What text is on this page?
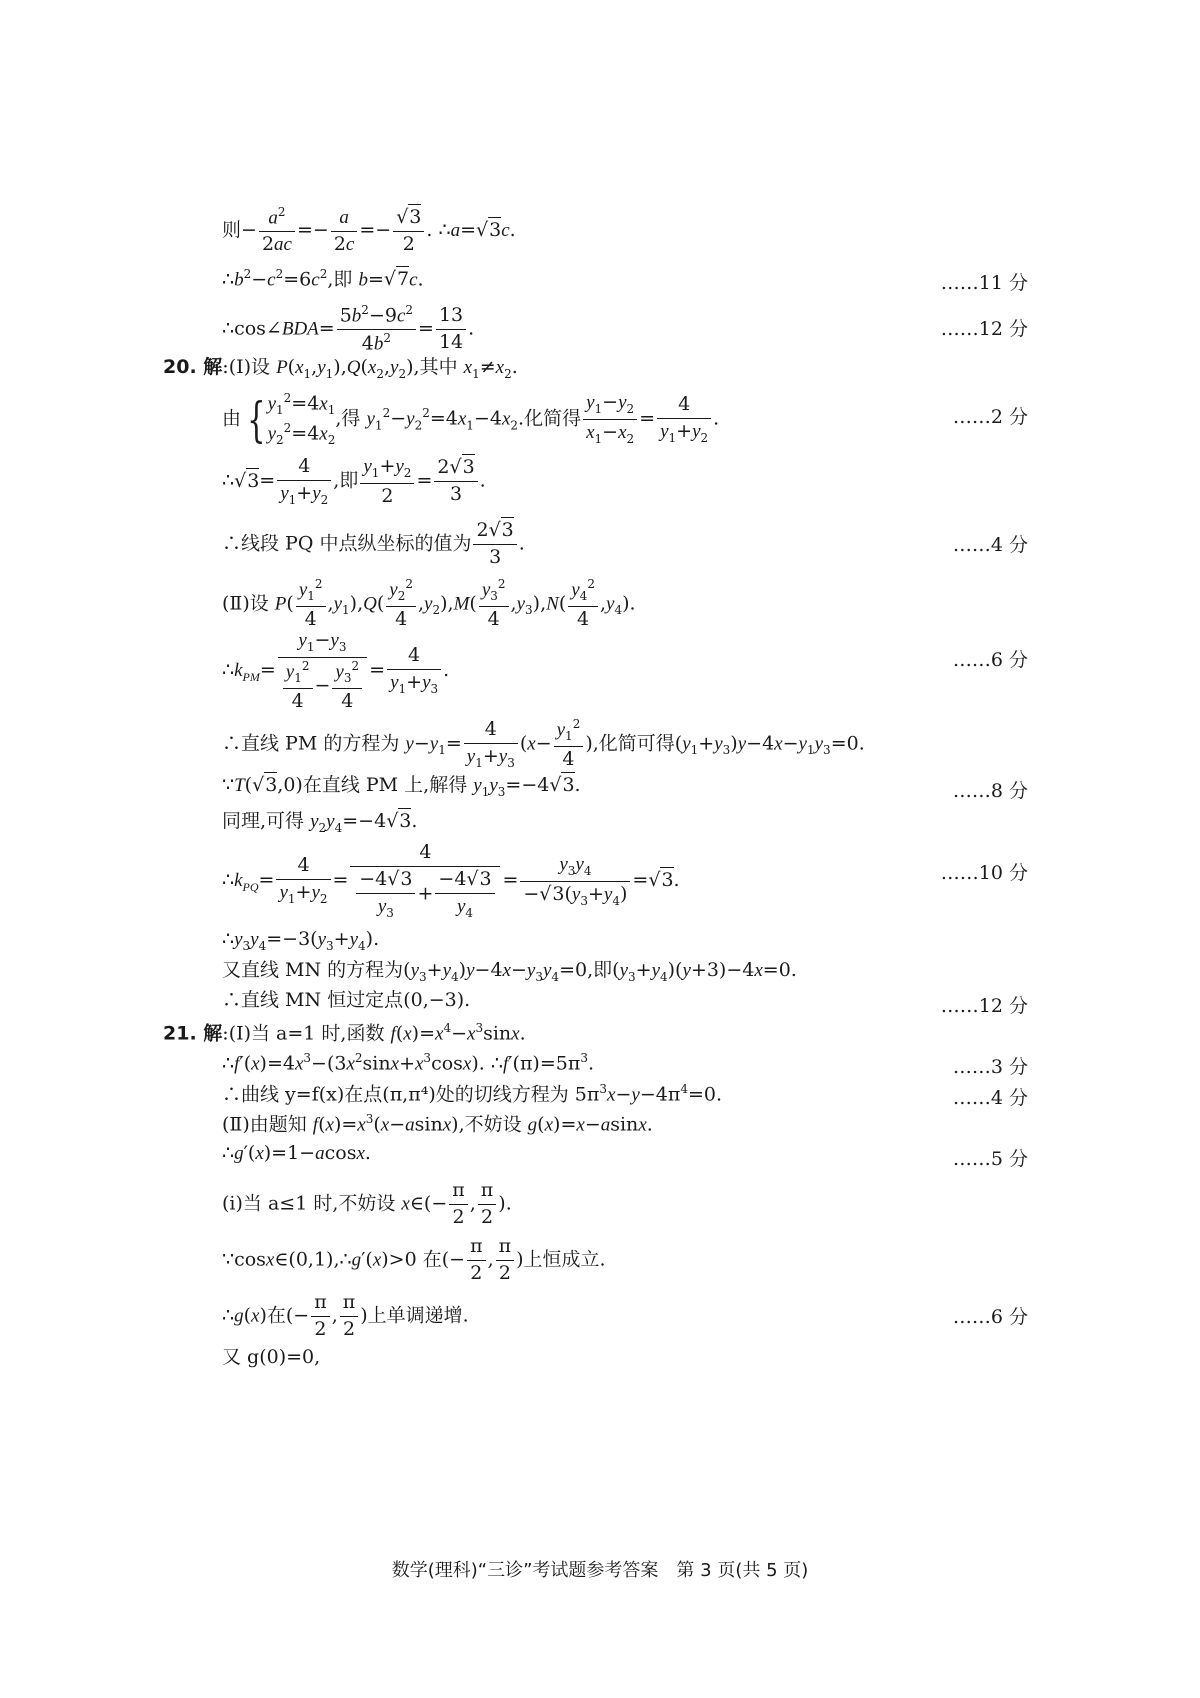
则− $\frac{a^2}{2ac} =- \frac{a}{2c} =- \frac{√3}{2}$ . ∴a=√3c.
$\therefore b^2-c^2=6c^2$,即 b=√7c.	……11 分
∴cos∠BDA= $\frac{5b^2-9c^2}{4b^2} = \frac{13}{14}$ .	……12 分
20. 解:(Ⅰ)设 $P(x_1,y_1),Q(x_2,y_2)$,其中 $x_1\ne x_2$.
由 { $y_1^2=4x_1$
$y_2^2=4x_2$
,得 $y_1^2-y_2^2=4x_1-4x_2$.化简得 $\frac{y_1-y_2}{x_1-x_2} = \frac{4}{y_1+y_2}$ .	……2 分
∴√3= $\frac{4}{y_1+y_2}$ ,即 $\frac{y_1+y_2}{2} = \frac{2√3}{3}$ .
∴线段 PQ 中点纵坐标的值为 $\frac{2√3}{3}$ .	……4 分
(Ⅱ)设 $P( \frac{y_1^2}{4} ,y_1),Q( \frac{y_2^2}{4} ,y_2),M( \frac{y_3^2}{4} ,y_3),N( \frac{y_4^2}{4} ,y_4)$.
$\therefore k_{PM}= \frac{y_1-y_3}{\frac{y_1^2}{4} - \frac{y_3^2}{4}} = \frac{4}{y_1+y_3}$ .	……6 分
∴直线 PM 的方程为 $y-y_1= \frac{4}{y_1+y_3} (x- \frac{y_1^2}{4}$ ),化简可得$(y_1+y_3)y-4x-y_1y_3=0$.
∵T(√3,0)在直线 PM 上,解得 $y_1y_3=-4√3$.	……8 分
同理,可得 $y_2y_4=-4√3$.
$\therefore k_{PQ}= \frac{4}{y_1+y_2} = \frac{4}{\frac{-4√3}{y_3} + \frac{-4√3}{y_4}} = \frac{y_3y_4}{-√3(y_3+y_4)} =√3$.	……10 分
$\therefore y_3y_4=-3(y_3+y_4)$.
又直线 MN 的方程为$(y_3+y_4)y-4x-y_3y_4=0$,即$(y_3+y_4)(y+3)-4x=0$.
∴直线 MN 恒过定点(0,−3).	……12 分
21. 解:(Ⅰ)当 a=1 时,函数 $f(x)=x^4-x^3\sin x$.
$\therefore f'(x)=4x^3-(3x^2\sin x+x^3\cos x)$. $\therefore f'(\pi)=5\pi^3$.	……3 分
∴曲线 y=f(x)在点(π,π⁴)处的切线方程为 $5\pi^3x-y-4\pi^4=0$.	……4 分
(Ⅱ)由题知 $f(x)=x^3(x-asinx)$,不妨设 g(x)=x−asinx.
∴g′(x)=1−acosx.	……5 分
(i)当 a≤1 时,不妨设 x∈(− $\frac{\pi}{2}$ , $\frac{\pi}{2}$ ).
∵cosx∈(0,1),∴g′(x)>0 在(− $\frac{\pi}{2}$ , $\frac{\pi}{2}$ )上恒成立.
∴g(x)在(− $\frac{\pi}{2}$ , $\frac{\pi}{2}$ )上单调递增.	……6 分
又 g(0)=0,
数学(理科)“三诊”考试题参考答案　第 3 页(共 5 页)
